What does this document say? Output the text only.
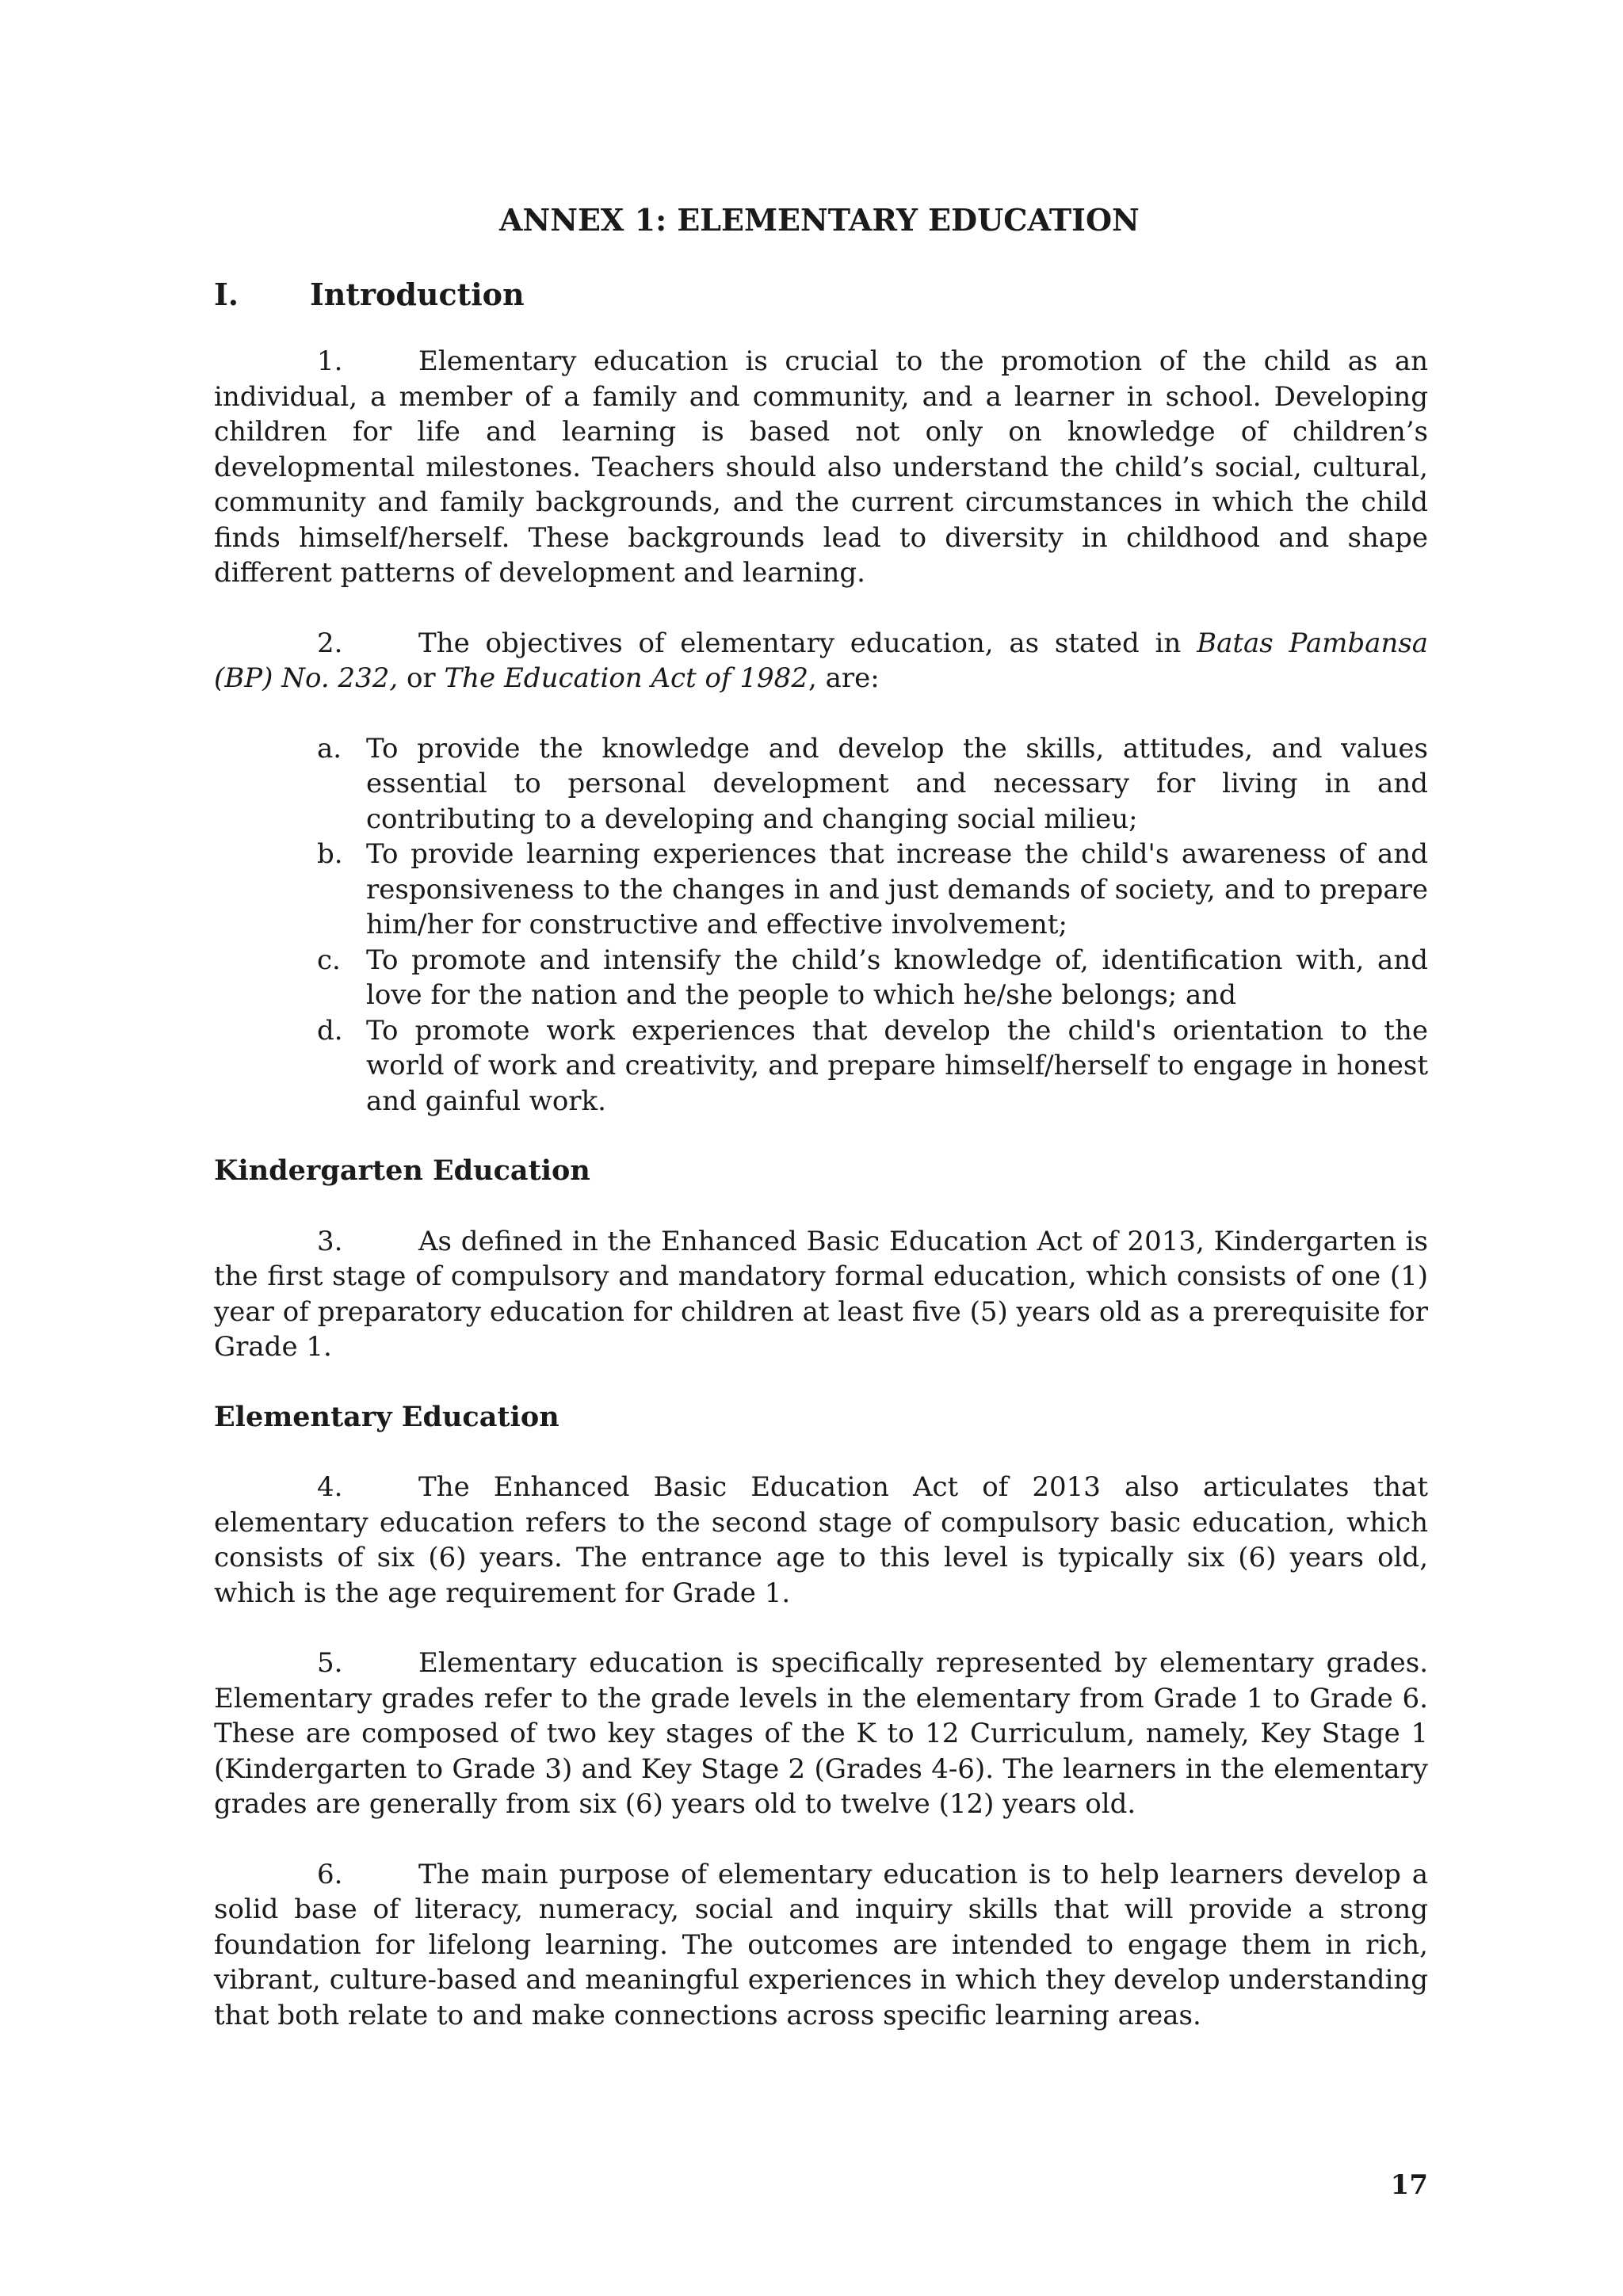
ANNEX 1: ELEMENTARY EDUCATION
I. Introduction

1.	Elementary education is crucial to the promotion of the child as an individual, a member of a family and community, and a learner in school. Developing children for life and learning is based not only on knowledge of children’s developmental milestones. Teachers should also understand the child’s social, cultural, community and family backgrounds, and the current circumstances in which the child finds himself/herself. These backgrounds lead to diversity in childhood and shape different patterns of development and learning.

2.	The objectives of elementary education, as stated in Batas Pambansa (BP) No. 232, or The Education Act of 1982, are:

a. To provide the knowledge and develop the skills, attitudes, and values essential to personal development and necessary for living in and contributing to a developing and changing social milieu;
b. To provide learning experiences that increase the child's awareness of and responsiveness to the changes in and just demands of society, and to prepare him/her for constructive and effective involvement;
c. To promote and intensify the child’s knowledge of, identification with, and love for the nation and the people to which he/she belongs; and
d. To promote work experiences that develop the child's orientation to the world of work and creativity, and prepare himself/herself to engage in honest and gainful work.
Kindergarten Education

3.	As defined in the Enhanced Basic Education Act of 2013, Kindergarten is the first stage of compulsory and mandatory formal education, which consists of one (1) year of preparatory education for children at least five (5) years old as a prerequisite for Grade 1.

Elementary Education

4.	The Enhanced Basic Education Act of 2013 also articulates that elementary education refers to the second stage of compulsory basic education, which consists of six (6) years. The entrance age to this level is typically six (6) years old, which is the age requirement for Grade 1.

5.	Elementary education is specifically represented by elementary grades. Elementary grades refer to the grade levels in the elementary from Grade 1 to Grade 6. These are composed of two key stages of the K to 12 Curriculum, namely, Key Stage 1 (Kindergarten to Grade 3) and Key Stage 2 (Grades 4-6). The learners in the elementary grades are generally from six (6) years old to twelve (12) years old.

6.	The main purpose of elementary education is to help learners develop a solid base of literacy, numeracy, social and inquiry skills that will provide a strong foundation for lifelong learning. The outcomes are intended to engage them in rich, vibrant, culture-based and meaningful experiences in which they develop understanding that both relate to and make connections across specific learning areas.

17
